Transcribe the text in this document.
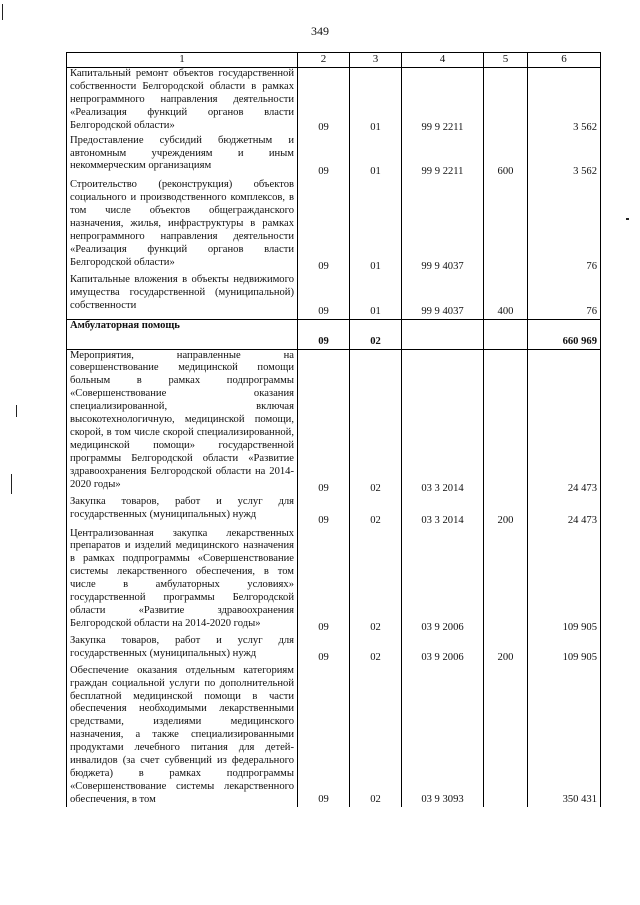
349
1	2	3	4	5	6
Капитальный ремонт объектов государственной собственности Белгородской области в рамках непрограммного направления деятельности «Реализация функций органов власти Белгородской области»	09	01	99 9 2211		3 562
Предоставление субсидий бюджетным и автономным учреждениям и иным некоммерческим организациям	09	01	99 9 2211	600	3 562
Строительство (реконструкция) объектов социального и производственного комплексов, в том числе объектов общегражданского назначения, жилья, инфраструктуры в рамках непрограммного направления деятельности «Реализация функций органов власти Белгородской области»	09	01	99 9 4037		76
Капитальные вложения в объекты недвижимого имущества государственной (муниципальной) собственности	09	01	99 9 4037	400	76
Амбулаторная помощь	09	02			660 969
Мероприятия, направленные на совершенствование медицинской помощи больным в рамках подпрограммы «Совершенствование оказания специализированной, включая высокотехнологичную, медицинской помощи, скорой, в том числе скорой специализированной, медицинской помощи» государственной программы Белгородской области «Развитие здравоохранения Белгородской области на 2014-2020 годы»	09	02	03 3 2014		24 473
Закупка товаров, работ и услуг для государственных (муниципальных) нужд	09	02	03 3 2014	200	24 473
Централизованная закупка лекарственных препаратов и изделий медицинского назначения в рамках подпрограммы «Совершенствование системы лекарственного обеспечения, в том числе в амбулаторных условиях» государственной программы Белгородской области «Развитие здравоохранения Белгородской области на 2014-2020 годы»	09	02	03 9 2006		109 905
Закупка товаров, работ и услуг для государственных (муниципальных) нужд	09	02	03 9 2006	200	109 905
Обеспечение оказания отдельным категориям граждан социальной услуги по дополнительной бесплатной медицинской помощи в части обеспечения необходимыми лекарственными средствами, изделиями медицинского назначения, а также специализированными продуктами лечебного питания для детей-инвалидов (за счет субвенций из федерального бюджета) в рамках подпрограммы «Совершенствование системы лекарственного обеспечения, в том	09	02	03 9 3093		350 431
